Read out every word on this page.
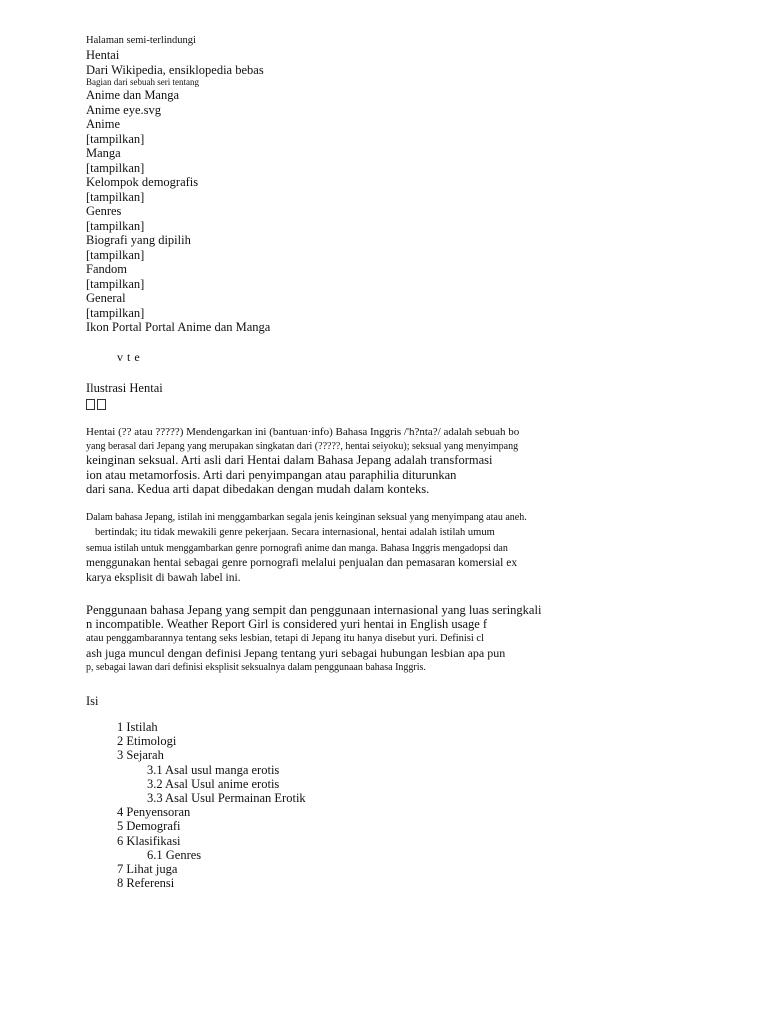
Halaman semi-terlindungi
Hentai
Dari Wikipedia, ensiklopedia bebas
Bagian dari sebuah seri tentang
Anime dan Manga
Anime eye.svg
Anime
[tampilkan]
Manga
[tampilkan]
Kelompok demografis
[tampilkan]
Genres
[tampilkan]
Biografi yang dipilih
[tampilkan]
Fandom
[tampilkan]
General
[tampilkan]
Ikon Portal Portal Anime dan Manga
v t e
Ilustrasi Hentai
Hentai (?? atau ?????) Mendengarkan ini (bantuan·info) Bahasa Inggris /'h?nta?/ adalah sebuah bo
yang berasal dari Jepang yang merupakan singkatan dari (?????, hentai seiyoku); seksual yang menyimpang
keinginan seksual. Arti asli dari Hentai dalam Bahasa Jepang adalah transformasi
ion atau metamorfosis. Arti dari penyimpangan atau paraphilia diturunkan
dari sana. Kedua arti dapat dibedakan dengan mudah dalam konteks.
Dalam bahasa Jepang, istilah ini menggambarkan segala jenis keinginan seksual yang menyimpang atau aneh.
bertindak; itu tidak mewakili genre pekerjaan. Secara internasional, hentai adalah istilah umum
semua istilah untuk menggambarkan genre pornografi anime dan manga. Bahasa Inggris mengadopsi dan
menggunakan hentai sebagai genre pornografi melalui penjualan dan pemasaran komersial ex
karya eksplisit di bawah label ini.
Penggunaan bahasa Jepang yang sempit dan penggunaan internasional yang luas seringkali
n incompatible. Weather Report Girl is considered yuri hentai in English usage f
atau penggambarannya tentang seks lesbian, tetapi di Jepang itu hanya disebut yuri. Definisi cl
ash juga muncul dengan definisi Jepang tentang yuri sebagai hubungan lesbian apa pun
p, sebagai lawan dari definisi eksplisit seksualnya dalam penggunaan bahasa Inggris.
Isi
1 Istilah
2 Etimologi
3 Sejarah
3.1 Asal usul manga erotis
3.2 Asal Usul anime erotis
3.3 Asal Usul Permainan Erotik
4 Penyensoran
5 Demografi
6 Klasifikasi
6.1 Genres
7 Lihat juga
8 Referensi
